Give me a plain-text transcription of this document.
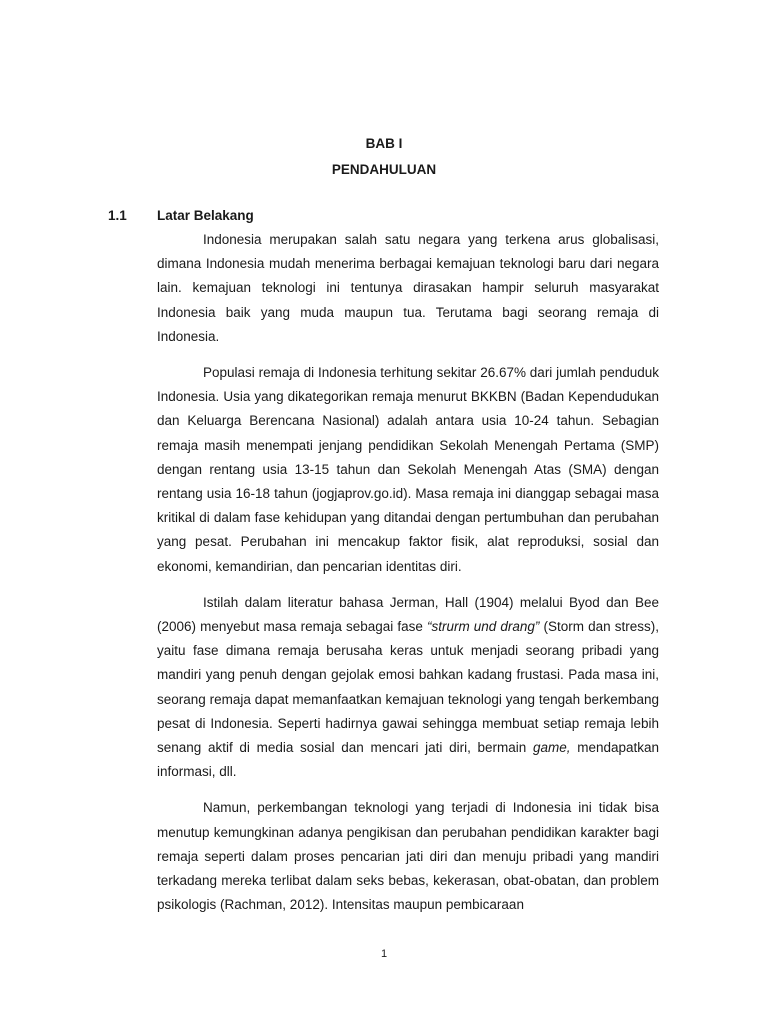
BAB I
PENDAHULUAN
1.1 Latar Belakang

Indonesia merupakan salah satu negara yang terkena arus globalisasi, dimana Indonesia mudah menerima berbagai kemajuan teknologi baru dari negara lain. kemajuan teknologi ini tentunya dirasakan hampir seluruh masyarakat Indonesia baik yang muda maupun tua. Terutama bagi seorang remaja di Indonesia.

Populasi remaja di Indonesia terhitung sekitar 26.67% dari jumlah penduduk Indonesia. Usia yang dikategorikan remaja menurut BKKBN (Badan Kependudukan dan Keluarga Berencana Nasional) adalah antara usia 10-24 tahun. Sebagian remaja masih menempati jenjang pendidikan Sekolah Menengah Pertama (SMP) dengan rentang usia 13-15 tahun dan Sekolah Menengah Atas (SMA) dengan rentang usia 16-18 tahun (jogjaprov.go.id). Masa remaja ini dianggap sebagai masa kritikal di dalam fase kehidupan yang ditandai dengan pertumbuhan dan perubahan yang pesat. Perubahan ini mencakup faktor fisik, alat reproduksi, sosial dan ekonomi, kemandirian, dan pencarian identitas diri.

Istilah dalam literatur bahasa Jerman, Hall (1904) melalui Byod dan Bee (2006) menyebut masa remaja sebagai fase “strurm und drang” (Storm dan stress), yaitu fase dimana remaja berusaha keras untuk menjadi seorang pribadi yang mandiri yang penuh dengan gejolak emosi bahkan kadang frustasi. Pada masa ini, seorang remaja dapat memanfaatkan kemajuan teknologi yang tengah berkembang pesat di Indonesia. Seperti hadirnya gawai sehingga membuat setiap remaja lebih senang aktif di media sosial dan mencari jati diri, bermain game, mendapatkan informasi, dll.

Namun, perkembangan teknologi yang terjadi di Indonesia ini tidak bisa menutup kemungkinan adanya pengikisan dan perubahan pendidikan karakter bagi remaja seperti dalam proses pencarian jati diri dan menuju pribadi yang mandiri terkadang mereka terlibat dalam seks bebas, kekerasan, obat-obatan, dan problem psikologis (Rachman, 2012). Intensitas maupun pembicaraan

1
